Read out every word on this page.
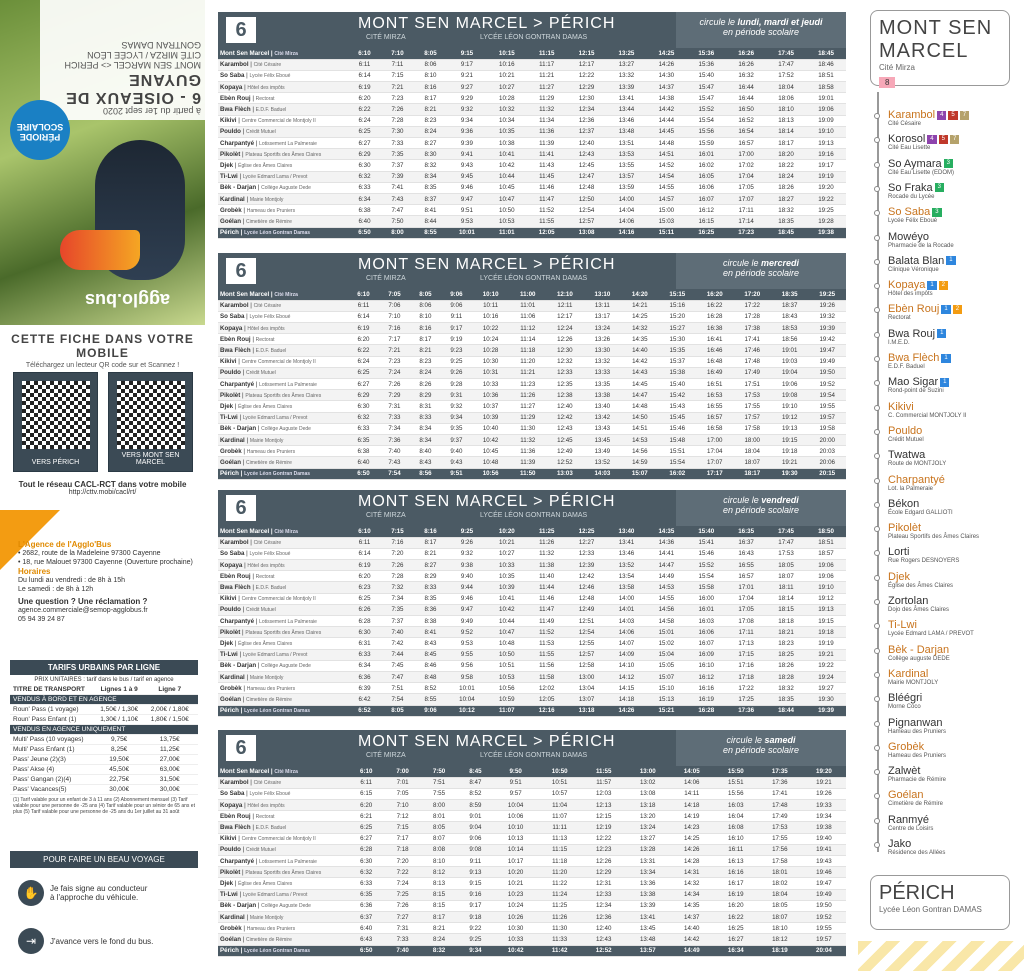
à partir du 1er sept 2020
6 - OISEAUX DE GUYANE
MONT SEN MARCEL <> PERICH
CITÉ MIRZA / LYCÉE LÉON GONTRAN DAMAS
PÉRIODE SCOLAIRE
agglo.bus
CETTE FICHE DANS VOTRE MOBILE

Téléchargez un lecteur QR code sur et Scannez !

VERS PÉRICH
VERS MONT SEN MARCEL
Tout le réseau CACL-RCT dans votre mobile
http://cttv.mobi/cacl/rt/
L'Agence de l'Agglo'Bus
• 2682, route de la Madeleine 97300 Cayenne
• 18, rue Malouet 97300 Cayenne (Ouverture prochaine)
Horaires
Du lundi au vendredi : de 8h à 15h
Le samedi : de 8h à 12h
Une question ? Une réclamation ?
agence.commerciale@semop-agglobus.fr
05 94 39 24 87
TARIFS URBAINS PAR LIGNE
PRIX UNITAIRES : tarif dans le bus / tarif en agence
TITRE DE TRANSPORT	Lignes 1 à 9	Ligne 7
VENDUS À BORD ET EN AGENCE
Roun' Pass (1 voyage)	1,50€ / 1,30€	2,00€ / 1,80€
Roun' Pass Enfant (1)	1,30€ / 1,10€	1,80€ / 1,50€
VENDUS EN AGENCE UNIQUEMENT
Multi' Pass (10 voyages)	9,75€	13,75€
Multi' Pass Enfant (1)	8,25€	11,25€
Pass' Jeune (2)(3)	19,50€	27,00€
Pass' Akse (4)	45,50€	63,00€
Pass' Gangan (2)(4)	22,75€	31,50€
Pass' Vacances(5)	30,00€	30,00€
(1) Tarif valable pour un enfant de 3 à 11 ans (2) Abonnement mensuel (3) Tarif valable pour une personne de -25 ans (4) Tarif valable pour un sénior de 65 ans et plus (5) Tarif valable pour une personne de -25 ans du 1er juillet au 31 août
POUR FAIRE UN BEAU VOYAGE
✋	Je fais signe au conducteur
à l'approche du véhicule.
⇥	J'avance vers le fond du bus.
6	MONT SEN MARCEL > PÉRICH
CITÉ MIRZA	LYCÉE LÉON GONTRAN DAMAS
circule le lundi, mardi et jeudi
en période scolaire
Mont Sen Marcel | Cité Mirza	6:10	7:10	8:05	9:15	10:15	11:15	12:15	13:25	14:25	15:36	16:26	17:45	18:45
Karambol | Cité Césaire	6:11	7:11	8:06	9:17	10:16	11:17	12:17	13:27	14:26	15:36	16:26	17:47	18:46
So Saba | Lycée Félix Eboué	6:14	7:15	8:10	9:21	10:21	11:21	12:22	13:32	14:30	15:40	16:32	17:52	18:51
Kopaya | Hôtel des impôts	6:19	7:21	8:16	9:27	10:27	11:27	12:29	13:39	14:37	15:47	16:44	18:04	18:58
Ebèn Rouj | Rectorat	6:20	7:23	8:17	9:29	10:28	11:29	12:30	13:41	14:38	15:47	16:44	18:06	19:01
Bwa Flèch | E.D.F. Baduel	6:22	7:26	8:21	9:32	10:32	11:32	12:34	13:44	14:42	15:52	16:50	18:10	19:06
Kikivi | Centre Commercial de Montjoly II	6:24	7:28	8:23	9:34	10:34	11:34	12:36	13:46	14:44	15:54	16:52	18:13	19:09
Pouldo | Crédit Mutuel	6:25	7:30	8:24	9:36	10:35	11:36	12:37	13:48	14:45	15:56	16:54	18:14	19:10
Charpantyé | Lotissement La Palmeraie	6:27	7:33	8:27	9:39	10:38	11:39	12:40	13:51	14:48	15:59	16:57	18:17	19:13
Pikolèt | Plateau Sportifs des Âmes Claires	6:29	7:35	8:30	9:41	10:41	11:41	12:43	13:53	14:51	16:01	17:00	18:20	19:16
Djek | Église des Âmes Claires	6:30	7:37	8:32	9:43	10:42	11:43	12:45	13:55	14:52	16:02	17:02	18:22	19:17
Ti-Lwi | Lycée Edmard Lama / Prevot	6:32	7:39	8:34	9:45	10:44	11:45	12:47	13:57	14:54	16:05	17:04	18:24	19:19
Bèk - Darjan | Collège Auguste Dede	6:33	7:41	8:35	9:46	10:45	11:46	12:48	13:59	14:55	16:06	17:05	18:26	19:20
Kardinal | Mairie Montjoly	6:34	7:43	8:37	9:47	10:47	11:47	12:50	14:00	14:57	16:07	17:07	18:27	19:22
Grobèk | Hameau des Pruniers	6:38	7:47	8:41	9:51	10:50	11:52	12:54	14:04	15:00	16:12	17:11	18:32	19:25
Goélan | Cimetière de Rémire	6:40	7:50	8:44	9:53	10:53	11:55	12:57	14:06	15:03	16:15	17:14	18:35	19:28
Périch | Lycée Léon Gontran Damas	6:50	8:00	8:55	10:01	11:01	12:05	13:08	14:16	15:11	16:25	17:23	18:45	19:38
6	MONT SEN MARCEL > PÉRICH
CITÉ MIRZA	LYCÉE LÉON GONTRAN DAMAS
circule le mercredi
en période scolaire
Mont Sen Marcel | Cité Mirza	6:10	7:05	8:05	9:06	10:10	11:00	12:10	13:10	14:20	15:15	16:20	17:20	18:35	19:25
Karambol | Cité Césaire	6:11	7:06	8:06	9:06	10:11	11:01	12:11	13:11	14:21	15:16	16:22	17:22	18:37	19:26
So Saba | Lycée Félix Eboué	6:14	7:10	8:10	9:11	10:16	11:06	12:17	13:17	14:25	15:20	16:28	17:28	18:43	19:32
Kopaya | Hôtel des impôts	6:19	7:16	8:16	9:17	10:22	11:12	12:24	13:24	14:32	15:27	16:38	17:38	18:53	19:39
Ebèn Rouj | Rectorat	6:20	7:17	8:17	9:19	10:24	11:14	12:26	13:26	14:35	15:30	16:41	17:41	18:56	19:42
Bwa Flèch | E.D.F. Baduel	6:22	7:21	8:21	9:23	10:28	11:18	12:30	13:30	14:40	15:35	16:46	17:46	19:01	19:47
Kikivi | Centre Commercial de Montjoly II	6:24	7:23	8:23	9:25	10:30	11:20	12:32	13:32	14:42	15:37	16:48	17:48	19:03	19:49
Pouldo | Crédit Mutuel	6:25	7:24	8:24	9:26	10:31	11:21	12:33	13:33	14:43	15:38	16:49	17:49	19:04	19:50
Charpantyé | Lotissement La Palmeraie	6:27	7:26	8:26	9:28	10:33	11:23	12:35	13:35	14:45	15:40	16:51	17:51	19:06	19:52
Pikolèt | Plateau Sportifs des Âmes Claires	6:29	7:29	8:29	9:31	10:36	11:26	12:38	13:38	14:47	15:42	16:53	17:53	19:08	19:54
Djek | Église des Âmes Claires	6:30	7:31	8:31	9:32	10:37	11:27	12:40	13:40	14:48	15:43	16:55	17:55	19:10	19:55
Ti-Lwi | Lycée Edmard Lama / Prevot	6:32	7:33	8:33	9:34	10:39	11:29	12:42	13:42	14:50	15:45	16:57	17:57	19:12	19:57
Bèk - Darjan | Collège Auguste Dede	6:33	7:34	8:34	9:35	10:40	11:30	12:43	13:43	14:51	15:46	16:58	17:58	19:13	19:58
Kardinal | Mairie Montjoly	6:35	7:36	8:34	9:37	10:42	11:32	12:45	13:45	14:53	15:48	17:00	18:00	19:15	20:00
Grobèk | Hameau des Pruniers	6:38	7:40	8:40	9:40	10:45	11:36	12:49	13:49	14:56	15:51	17:04	18:04	19:18	20:03
Goélan | Cimetière de Rémire	6:40	7:43	8:43	9:43	10:48	11:39	12:52	13:52	14:59	15:54	17:07	18:07	19:21	20:06
Périch | Lycée Léon Gontran Damas	6:50	7:54	8:56	9:51	10:56	11:50	13:03	14:03	15:07	16:02	17:17	18:17	19:30	20:15
6	MONT SEN MARCEL > PÉRICH
CITÉ MIRZA	LYCÉE LÉON GONTRAN DAMAS
circule le vendredi
en période scolaire
Mont Sen Marcel | Cité Mirza	6:10	7:15	8:16	9:25	10:20	11:25	12:25	13:40	14:35	15:40	16:35	17:45	18:50
Karambol | Cité Césaire	6:11	7:16	8:17	9:26	10:21	11:26	12:27	13:41	14:36	15:41	16:37	17:47	18:51
So Saba | Lycée Félix Eboué	6:14	7:20	8:21	9:32	10:27	11:32	12:33	13:46	14:41	15:46	16:43	17:53	18:57
Kopaya | Hôtel des impôts	6:19	7:26	8:27	9:38	10:33	11:38	12:39	13:52	14:47	15:52	16:55	18:05	19:06
Ebèn Rouj | Rectorat	6:20	7:28	8:29	9:40	10:35	11:40	12:42	13:54	14:49	15:54	16:57	18:07	19:06
Bwa Flèch | E.D.F. Baduel	6:23	7:32	8:33	9:44	10:39	11:44	12:46	13:58	14:53	15:58	17:01	18:11	19:10
Kikivi | Centre Commercial de Montjoly II	6:25	7:34	8:35	9:46	10:41	11:46	12:48	14:00	14:55	16:00	17:04	18:14	19:12
Pouldo | Crédit Mutuel	6:26	7:35	8:36	9:47	10:42	11:47	12:49	14:01	14:56	16:01	17:05	18:15	19:13
Charpantyé | Lotissement La Palmeraie	6:28	7:37	8:38	9:49	10:44	11:49	12:51	14:03	14:58	16:03	17:08	18:18	19:15
Pikolèt | Plateau Sportifs des Âmes Claires	6:30	7:40	8:41	9:52	10:47	11:52	12:54	14:06	15:01	16:06	17:11	18:21	19:18
Djek | Église des Âmes Claires	6:31	7:42	8:43	9:53	10:48	11:53	12:55	14:07	15:02	16:07	17:13	18:23	19:19
Ti-Lwi | Lycée Edmard Lama / Prevot	6:33	7:44	8:45	9:55	10:50	11:55	12:57	14:09	15:04	16:09	17:15	18:25	19:21
Bèk - Darjan | Collège Auguste Dede	6:34	7:45	8:46	9:56	10:51	11:56	12:58	14:10	15:05	16:10	17:16	18:26	19:22
Kardinal | Mairie Montjoly	6:36	7:47	8:48	9:58	10:53	11:58	13:00	14:12	15:07	16:12	17:18	18:28	19:24
Grobèk | Hameau des Pruniers	6:39	7:51	8:52	10:01	10:56	12:02	13:04	14:15	15:10	16:16	17:22	18:32	19:27
Goélan | Cimetière de Rémire	6:42	7:54	8:55	10:04	10:59	12:05	13:07	14:18	15:13	16:19	17:25	18:35	19:30
Périch | Lycée Léon Gontran Damas	6:52	8:05	9:06	10:12	11:07	12:16	13:18	14:26	15:21	16:28	17:36	18:44	19:39
6	MONT SEN MARCEL > PÉRICH
CITÉ MIRZA	LYCÉE LÉON GONTRAN DAMAS
circule le samedi
en période scolaire
Mont Sen Marcel | Cité Mirza	6:10	7:00	7:50	8:45	9:50	10:50	11:55	13:00	14:05	15:50	17:35	19:20
Karambol | Cité Césaire	6:11	7:01	7:51	8:47	9:51	10:51	11:57	13:02	14:06	15:51	17:36	19:21
So Saba | Lycée Félix Eboué	6:15	7:05	7:55	8:52	9:57	10:57	12:03	13:08	14:11	15:56	17:41	19:26
Kopaya | Hôtel des impôts	6:20	7:10	8:00	8:59	10:04	11:04	12:13	13:18	14:18	16:03	17:48	19:33
Ebèn Rouj | Rectorat	6:21	7:12	8:01	9:01	10:06	11:07	12:15	13:20	14:19	16:04	17:49	19:34
Bwa Flèch | E.D.F. Baduel	6:25	7:15	8:05	9:04	10:10	11:11	12:19	13:24	14:23	16:08	17:53	19:38
Kikivi | Centre Commercial de Montjoly II	6:27	7:17	8:07	9:06	10:13	11:13	12:22	13:27	14:25	16:10	17:55	19:40
Pouldo | Crédit Mutuel	6:28	7:18	8:08	9:08	10:14	11:15	12:23	13:28	14:26	16:11	17:56	19:41
Charpantyé | Lotissement La Palmeraie	6:30	7:20	8:10	9:11	10:17	11:18	12:26	13:31	14:28	16:13	17:58	19:43
Pikolèt | Plateau Sportifs des Âmes Claires	6:32	7:22	8:12	9:13	10:20	11:20	12:29	13:34	14:31	16:16	18:01	19:46
Djek | Église des Âmes Claires	6:33	7:24	8:13	9:15	10:21	11:22	12:31	13:36	14:32	16:17	18:02	19:47
Ti-Lwi | Lycée Edmard Lama / Prevot	6:35	7:25	8:15	9:16	10:23	11:24	12:33	13:38	14:34	16:19	18:04	19:49
Bèk - Darjan | Collège Auguste Dede	6:36	7:26	8:15	9:17	10:24	11:25	12:34	13:39	14:35	16:20	18:05	19:50
Kardinal | Mairie Montjoly	6:37	7:27	8:17	9:18	10:26	11:26	12:36	13:41	14:37	16:22	18:07	19:52
Grobèk | Hameau des Pruniers	6:40	7:31	8:21	9:22	10:30	11:30	12:40	13:45	14:40	16:25	18:10	19:55
Goélan | Cimetière de Rémire	6:43	7:33	8:24	9:25	10:33	11:33	12:43	13:48	14:42	16:27	18:12	19:57
Périch | Lycée Léon Gontran Damas	6:50	7:40	8:32	9:34	10:42	11:42	12:52	13:57	14:49	16:34	18:19	20:04
MONT SEN MARCEL
Cité Mirza
8
Karambol 4 5 7
Cité Césaire
Korosol 4 5 7
Cité Eau Lisette
So Aymara 3
Cité Eau Lisette (EDOM)
So Fraka 3
Rocade du Lycée
So Saba 3
Lycée Félix Eboué
Mowéyo
Pharmacie de la Rocade
Balata Blan 1
Clinique Véronique
Kopaya 1 2
Hôtel des impôts
Ebèn Rouj 1 2
Rectorat
Bwa Rouj 1
I.M.E.D.
Bwa Flèch 1
E.D.F. Baduel
Mao Sigar 1
Rond-point de Suzini
Kikivi
C. Commercial MONTJOLY II
Pouldo
Crédit Mutuel
Twatwa
Route de MONTJOLY
Charpantyé
Lot. la Palmeraie
Békon
École Edgard GALLIOTI
Pikolèt
Plateau Sportifs des Âmes Claires
Lorti
Rue Rogers DESNOYERS
Djek
Église des Âmes Claires
Zortolan
Dojo des Âmes Claires
Ti-Lwi
Lycée Edmard LAMA / PREVOT
Bèk - Darjan
Collège auguste DEDE
Kardinal
Mairie MONTJOLY
Bléégri
Morne Coco
Pignanwan
Hameau des Pruniers
Grobèk
Hameau des Pruniers
Zalwèt
Pharmacie de Rémire
Goélan
Cimetière de Rémire
Ranmyé
Centre de Loisirs
Jako
Résidence des Allées
PÉRICH
Lycée Léon Gontran DAMAS
